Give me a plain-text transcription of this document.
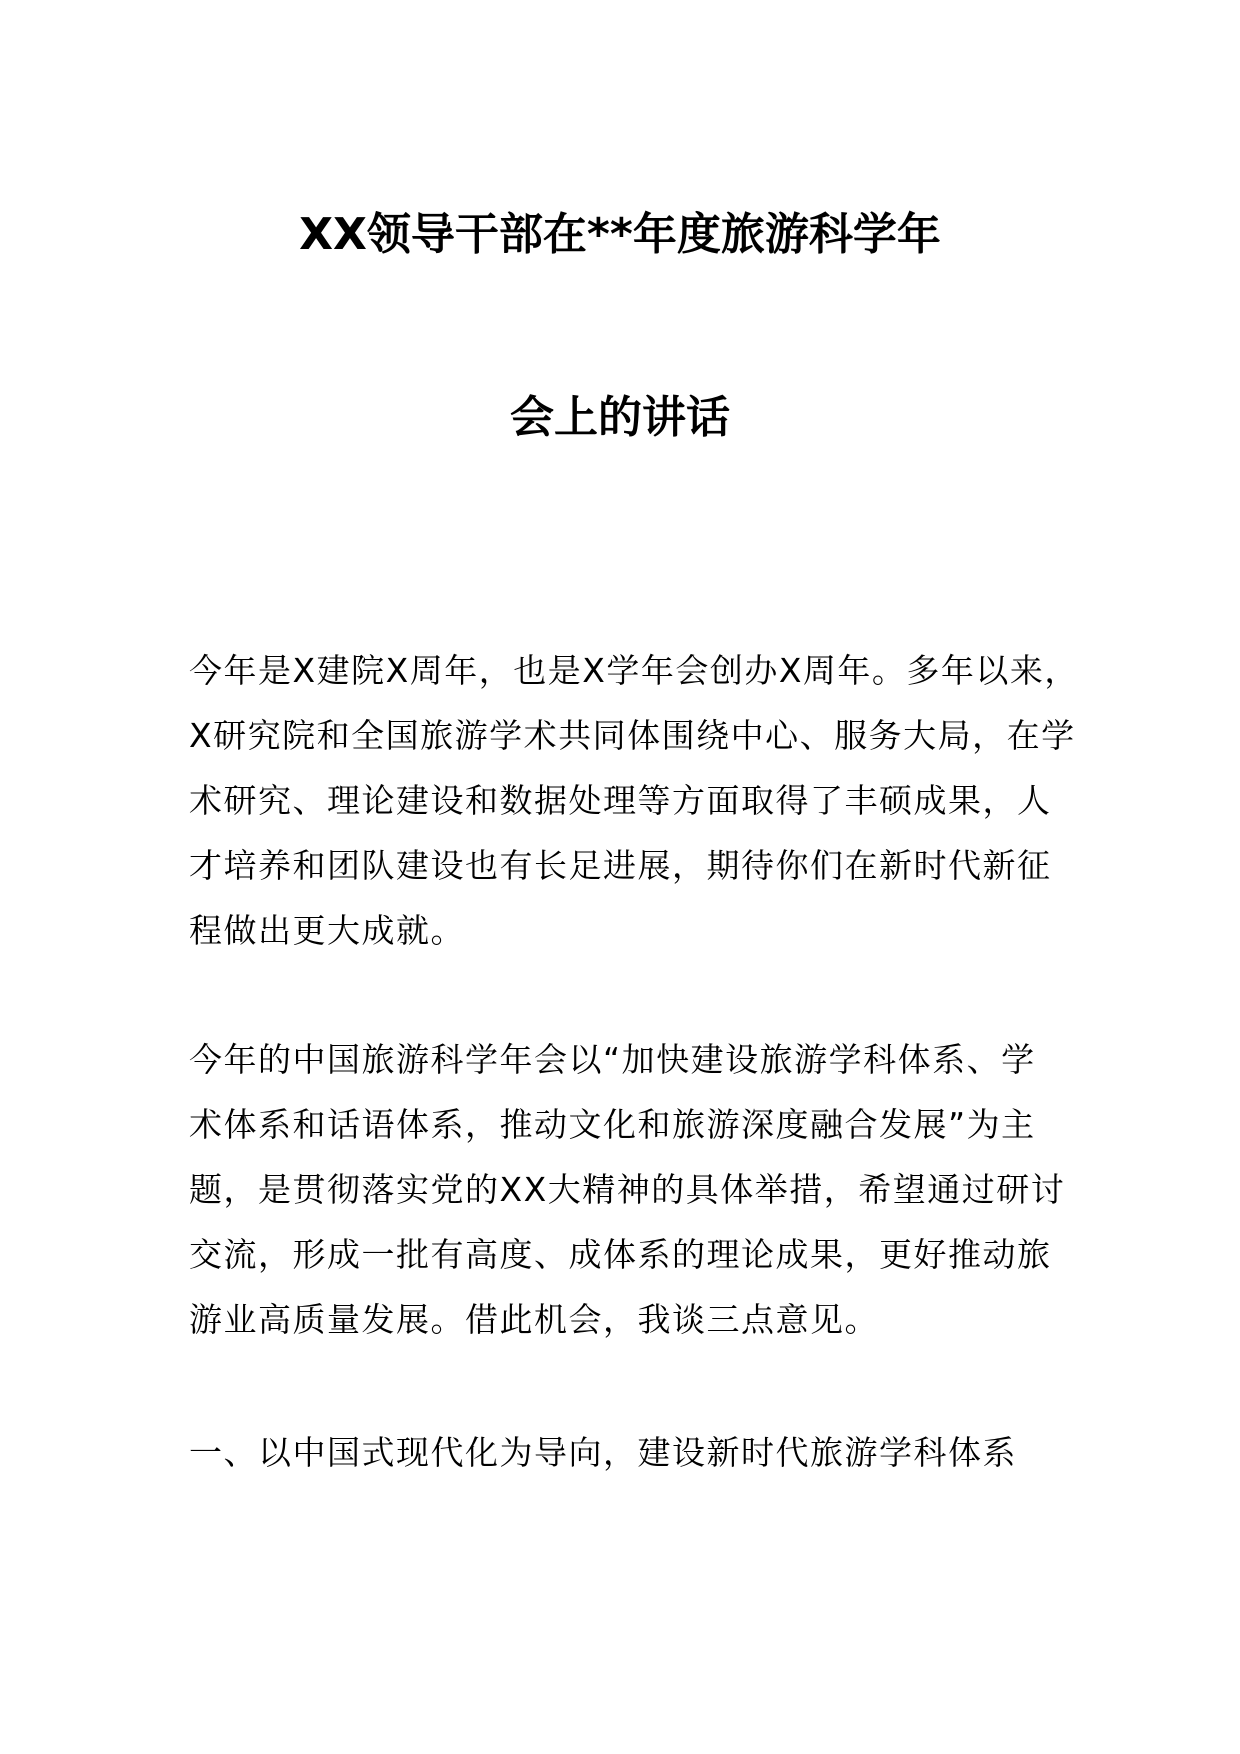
XX领导干部在**年度旅游科学年
会上的讲话
今年是X建院X周年，也是X学年会创办X周年。多年以来，
X研究院和全国旅游学术共同体围绕中心、服务大局，在学
术研究、理论建设和数据处理等方面取得了丰硕成果，人
才培养和团队建设也有长足进展，期待你们在新时代新征
程做出更大成就。
今年的中国旅游科学年会以“加快建设旅游学科体系、学
术体系和话语体系，推动文化和旅游深度融合发展”为主
题，是贯彻落实党的XX大精神的具体举措，希望通过研讨
交流，形成一批有高度、成体系的理论成果，更好推动旅
游业高质量发展。借此机会，我谈三点意见。
一、以中国式现代化为导向，建设新时代旅游学科体系
